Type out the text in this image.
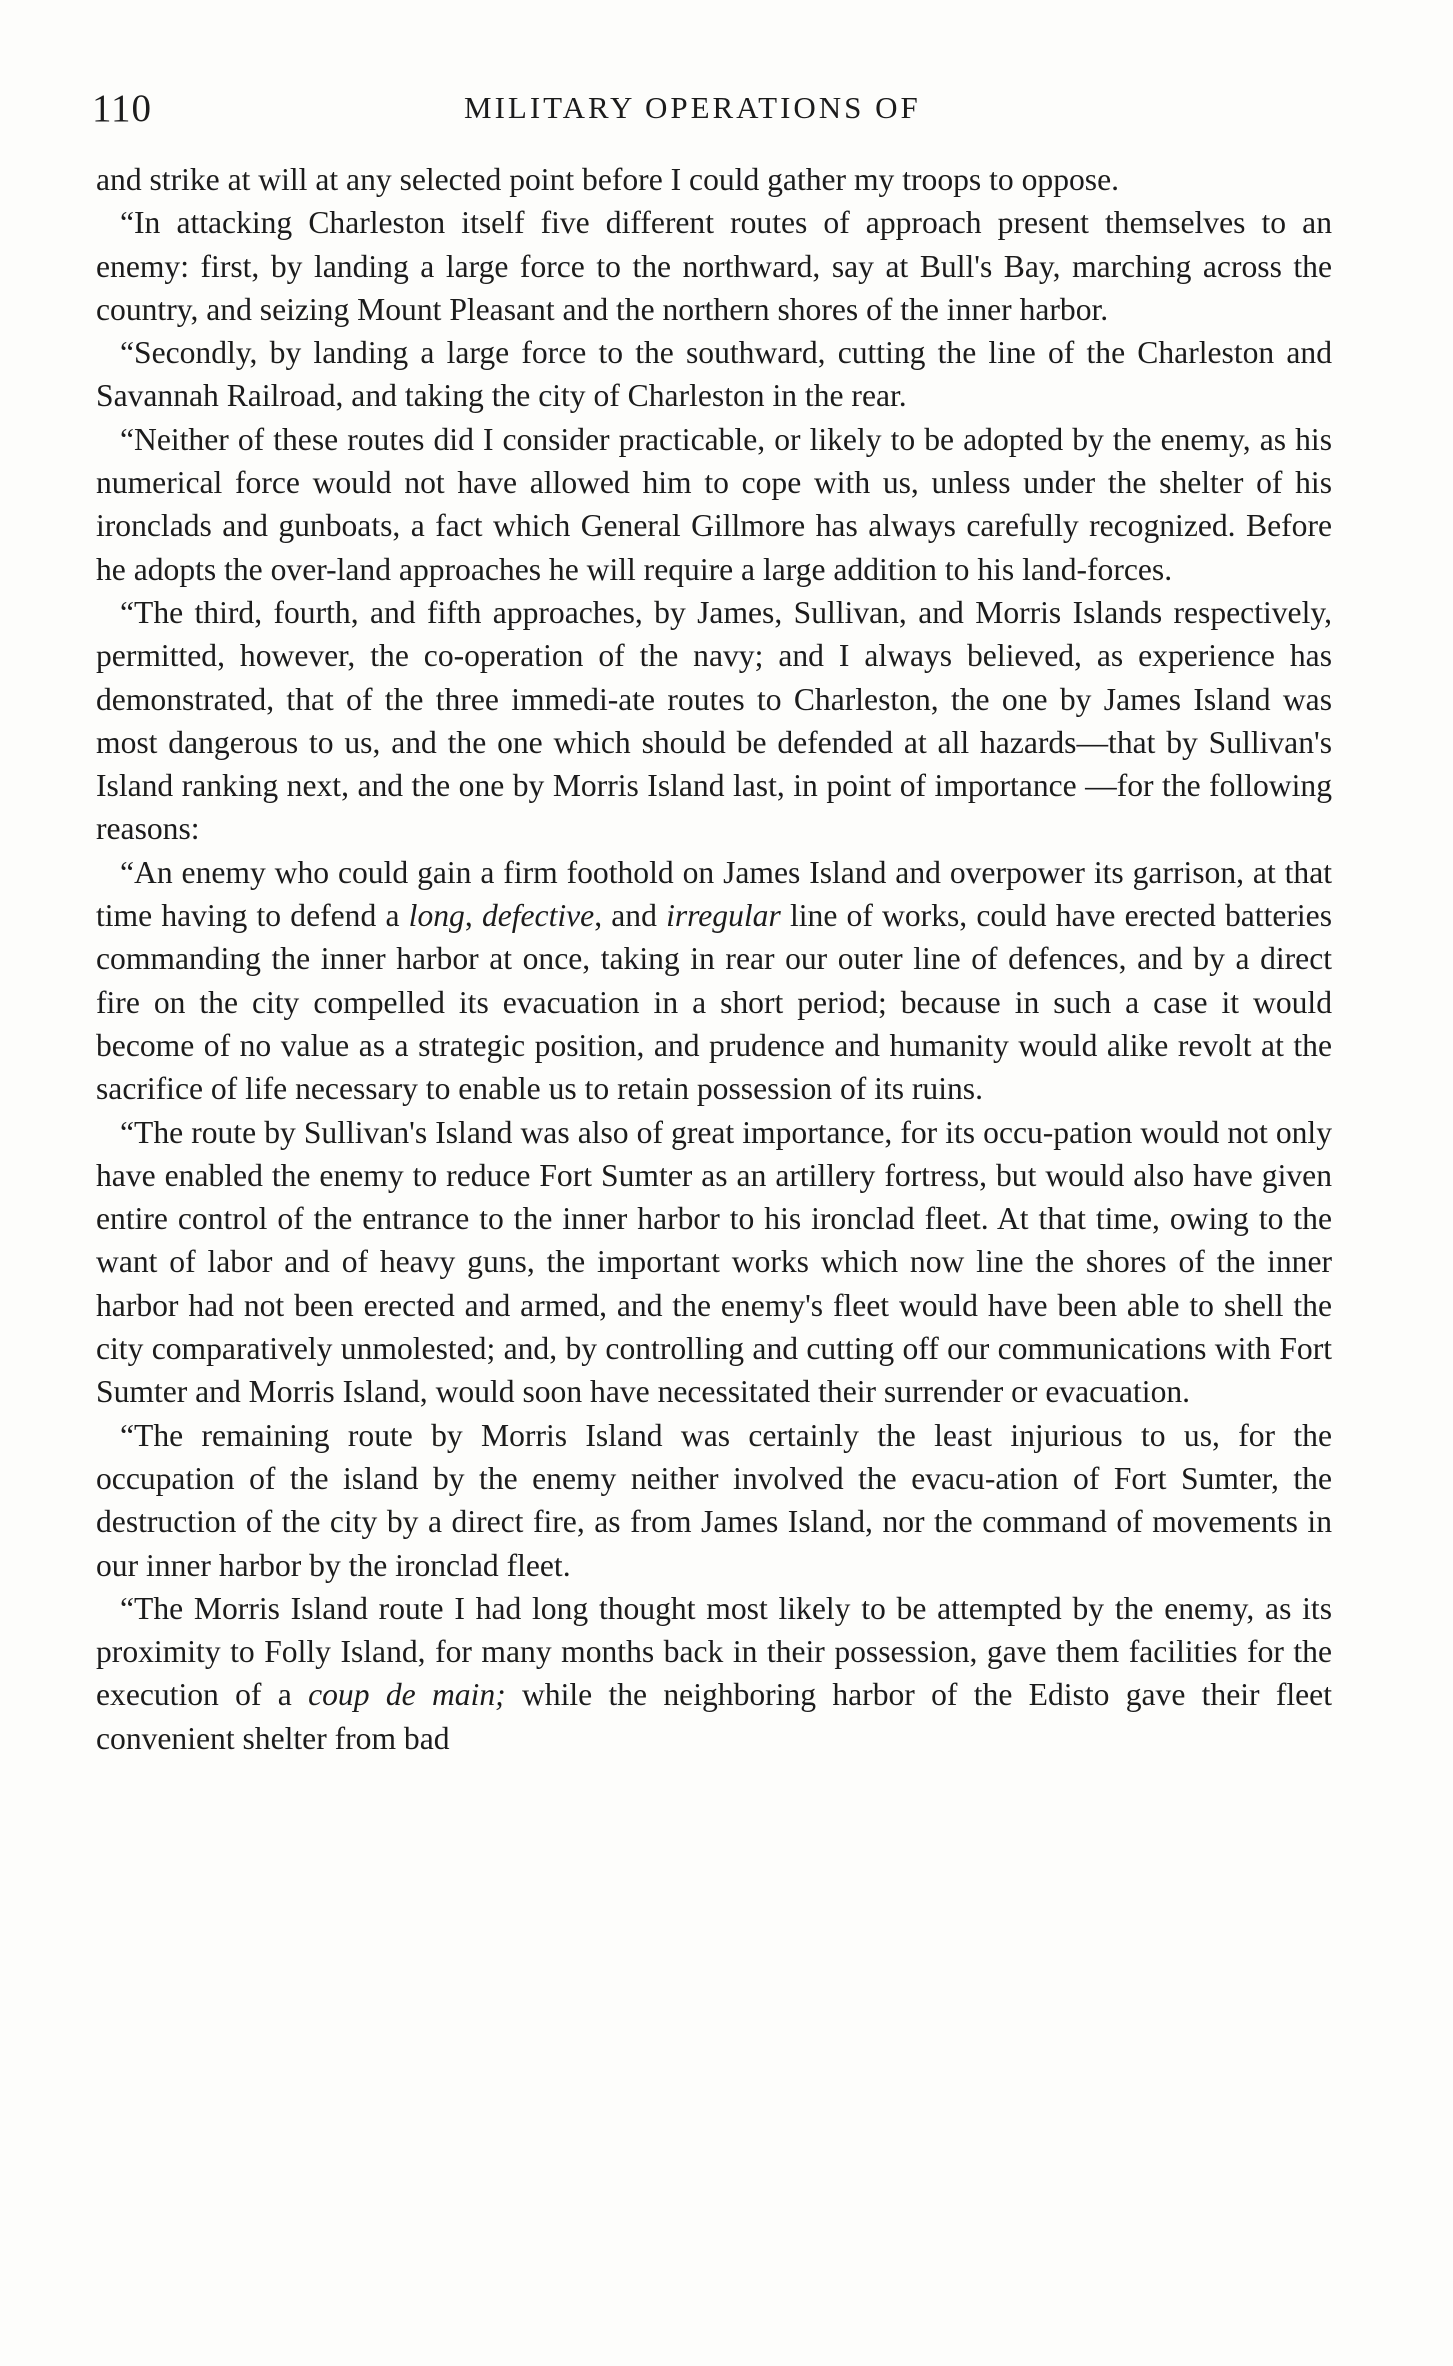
110	MILITARY OPERATIONS OF

and strike at will at any selected point before I could gather my troops to oppose.

“In attacking Charleston itself five different routes of approach present themselves to an enemy: first, by landing a large force to the northward, say at Bull's Bay, marching across the country, and seizing Mount Pleasant and the northern shores of the inner harbor.

“Secondly, by landing a large force to the southward, cutting the line of the Charleston and Savannah Railroad, and taking the city of Charleston in the rear.

“Neither of these routes did I consider practicable, or likely to be adopted by the enemy, as his numerical force would not have allowed him to cope with us, unless under the shelter of his ironclads and gunboats, a fact which General Gillmore has always carefully recognized. Before he adopts the over-land approaches he will require a large addition to his land-forces.

“The third, fourth, and fifth approaches, by James, Sullivan, and Morris Islands respectively, permitted, however, the co-operation of the navy; and I always believed, as experience has demonstrated, that of the three immedi-ate routes to Charleston, the one by James Island was most dangerous to us, and the one which should be defended at all hazards—that by Sullivan's Island ranking next, and the one by Morris Island last, in point of importance —for the following reasons:

“An enemy who could gain a firm foothold on James Island and overpower its garrison, at that time having to defend a long, defective, and irregular line of works, could have erected batteries commanding the inner harbor at once, taking in rear our outer line of defences, and by a direct fire on the city compelled its evacuation in a short period; because in such a case it would become of no value as a strategic position, and prudence and humanity would alike revolt at the sacrifice of life necessary to enable us to retain possession of its ruins.

“The route by Sullivan's Island was also of great importance, for its occu-pation would not only have enabled the enemy to reduce Fort Sumter as an artillery fortress, but would also have given entire control of the entrance to the inner harbor to his ironclad fleet. At that time, owing to the want of labor and of heavy guns, the important works which now line the shores of the inner harbor had not been erected and armed, and the enemy's fleet would have been able to shell the city comparatively unmolested; and, by controlling and cutting off our communications with Fort Sumter and Morris Island, would soon have necessitated their surrender or evacuation.

“The remaining route by Morris Island was certainly the least injurious to us, for the occupation of the island by the enemy neither involved the evacu-ation of Fort Sumter, the destruction of the city by a direct fire, as from James Island, nor the command of movements in our inner harbor by the ironclad fleet.

“The Morris Island route I had long thought most likely to be attempted by the enemy, as its proximity to Folly Island, for many months back in their possession, gave them facilities for the execution of a coup de main; while the neighboring harbor of the Edisto gave their fleet convenient shelter from bad
